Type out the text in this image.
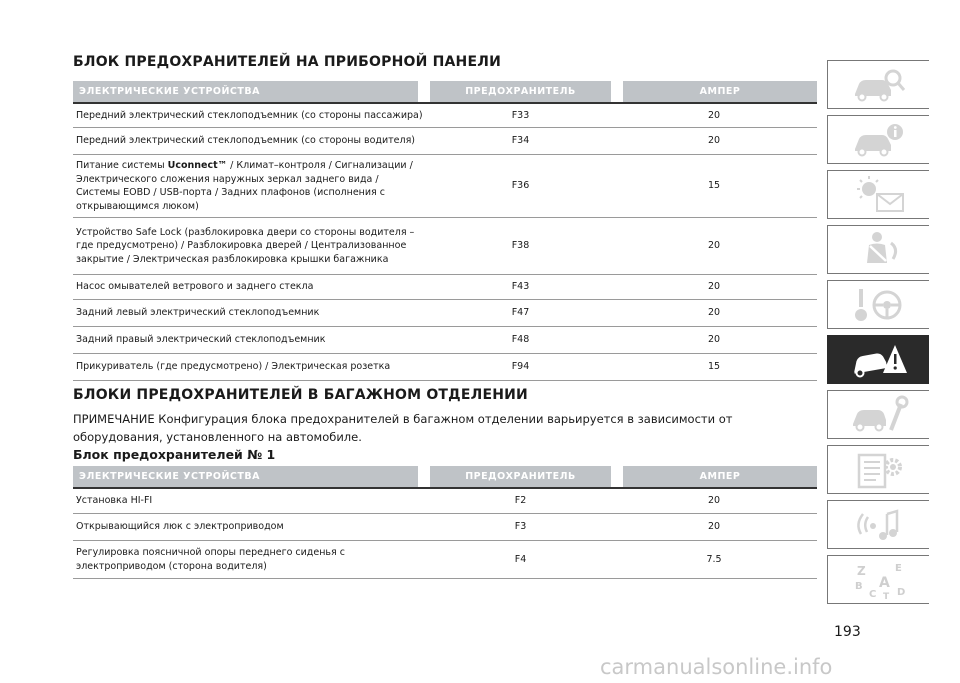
БЛОК ПРЕДОХРАНИТЕЛЕЙ НА ПРИБОРНОЙ ПАНЕЛИ
ЭЛЕКТРИЧЕСКИЕ УСТРОЙСТВА		ПРЕДОХРАНИТЕЛЬ		АМПЕР

Передний электрический стеклоподъемник (со стороны пассажира)		F33	20	
Передний электрический стеклоподъемник (со стороны водителя)		F34	20	
Питание системы Uconnect™ / Климат–контроля / Сигнализации / Электрического сложения наружных зеркал заднего вида / Системы EOBD / USB-порта / Задних плафонов (исполнения с открывающимся люком)		F36	15	
Устройство Safe Lock (разблокировка двери со стороны водителя – где предусмотрено) / Разблокировка дверей / Централизованное закрытие / Электрическая разблокировка крышки багажника		F38	20	
Насос омывателей ветрового и заднего стекла		F43	20	
Задний левый электрический стеклоподъемник		F47	20	
Задний правый электрический стеклоподъемник		F48	20	
Прикуриватель (где предусмотрено) / Электрическая розетка		F94	15	
БЛОКИ ПРЕДОХРАНИТЕЛЕЙ В БАГАЖНОМ ОТДЕЛЕНИИ
ПРИМЕЧАНИЕ Конфигурация блока предохранителей в багажном отделении варьируется в зависимости от оборудования, установленного на автомобиле.
Блок предохранителей № 1
ЭЛЕКТРИЧЕСКИЕ УСТРОЙСТВА		ПРЕДОХРАНИТЕЛЬ		АМПЕР

Установка HI-FI		F2	20	
Открывающийся люк с электроприводом		F3	20	
Регулировка поясничной опоры переднего сиденья с электроприводом (сторона водителя)		F4	7.5	
Z	E
B A
C D
T
193
carmanualsonline.info
